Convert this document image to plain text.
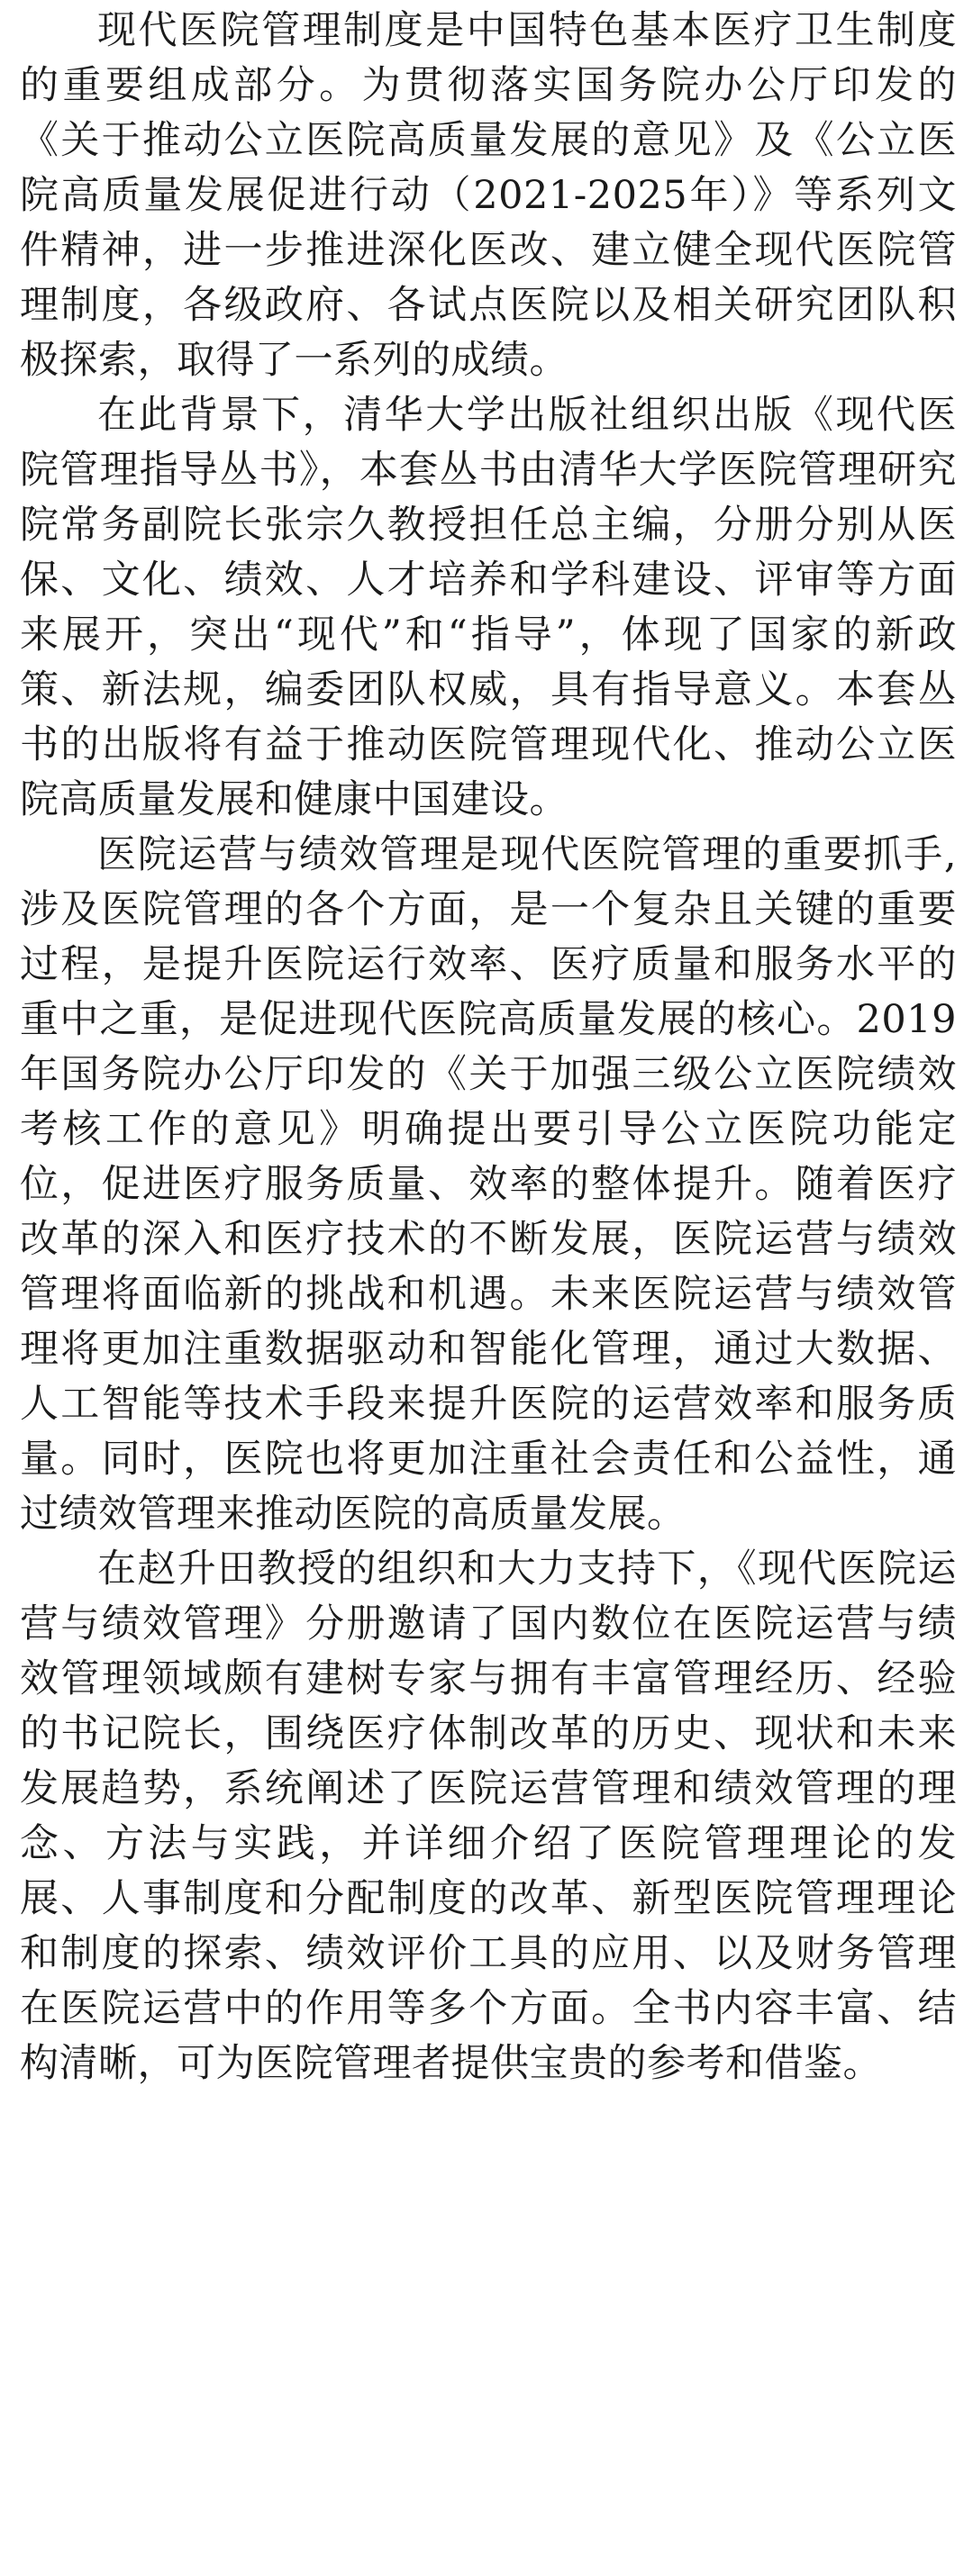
现代医院管理制度是中国特色基本医疗卫生制度的重要组成部分。为贯彻落实国务院办公厅印发的《关于推动公立医院高质量发展的意见》及《公立医院高质量发展促进行动（2021-2025年）》等系列文件精神，进一步推进深化医改、建立健全现代医院管理制度，各级政府、各试点医院以及相关研究团队积极探索，取得了一系列的成绩。

在此背景下，清华大学出版社组织出版《现代医院管理指导丛书》，本套丛书由清华大学医院管理研究院常务副院长张宗久教授担任总主编，分册分别从医保、文化、绩效、人才培养和学科建设、评审等方面来展开，突出“现代”和“指导”，体现了国家的新政策、新法规，编委团队权威，具有指导意义。本套丛书的出版将有益于推动医院管理现代化、推动公立医院高质量发展和健康中国建设。

医院运营与绩效管理是现代医院管理的重要抓手,涉及医院管理的各个方面，是一个复杂且关键的重要过程，是提升医院运行效率、医疗质量和服务水平的重中之重，是促进现代医院高质量发展的核心。2019年国务院办公厅印发的《关于加强三级公立医院绩效考核工作的意见》明确提出要引导公立医院功能定位，促进医疗服务质量、效率的整体提升。随着医疗改革的深入和医疗技术的不断发展，医院运营与绩效管理将面临新的挑战和机遇。未来医院运营与绩效管理将更加注重数据驱动和智能化管理，通过大数据、人工智能等技术手段来提升医院的运营效率和服务质量。同时，医院也将更加注重社会责任和公益性，通过绩效管理来推动医院的高质量发展。

在赵升田教授的组织和大力支持下，《现代医院运营与绩效管理》分册邀请了国内数位在医院运营与绩效管理领域颇有建树专家与拥有丰富管理经历、经验的书记院长，围绕医疗体制改革的历史、现状和未来发展趋势，系统阐述了医院运营管理和绩效管理的理念、方法与实践，并详细介绍了医院管理理论的发展、人事制度和分配制度的改革、新型医院管理理论和制度的探索、绩效评价工具的应用、以及财务管理在医院运营中的作用等多个方面。全书内容丰富、结构清晰，可为医院管理者提供宝贵的参考和借鉴。
